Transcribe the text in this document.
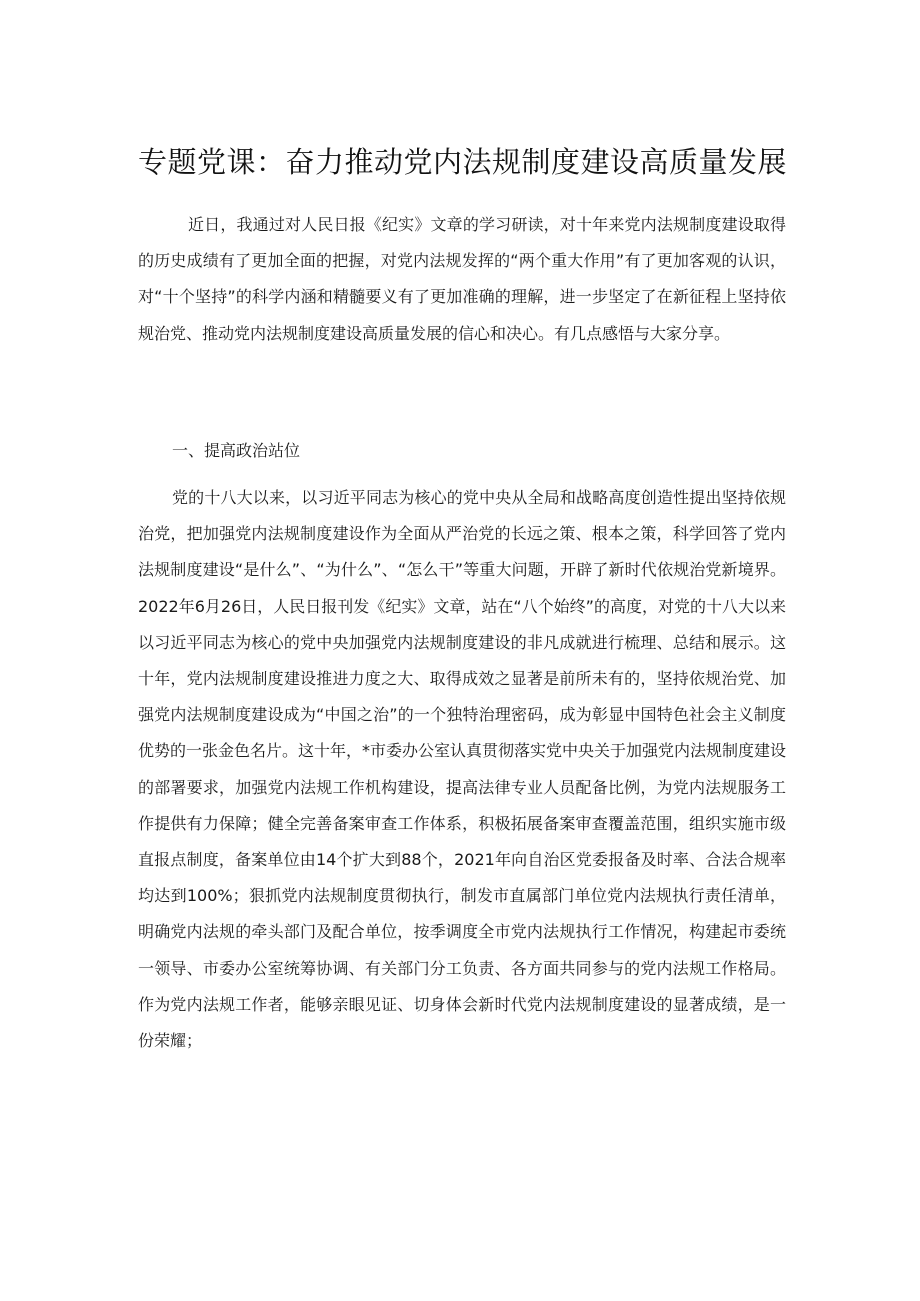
专题党课：奋力推动党内法规制度建设高质量发展
近日，我通过对人民日报《纪实》文章的学习研读，对十年来党内法规制度建设取得的历史成绩有了更加全面的把握，对党内法规发挥的“两个重大作用”有了更加客观的认识，对“十个坚持”的科学内涵和精髓要义有了更加准确的理解，进一步坚定了在新征程上坚持依规治党、推动党内法规制度建设高质量发展的信心和决心。有几点感悟与大家分享。
一、提高政治站位
党的十八大以来，以习近平同志为核心的党中央从全局和战略高度创造性提出坚持依规治党，把加强党内法规制度建设作为全面从严治党的长远之策、根本之策，科学回答了党内法规制度建设“是什么”、“为什么”、“怎么干”等重大问题，开辟了新时代依规治党新境界。2022年6月26日，人民日报刊发《纪实》文章，站在“八个始终”的高度，对党的十八大以来以习近平同志为核心的党中央加强党内法规制度建设的非凡成就进行梳理、总结和展示。这十年，党内法规制度建设推进力度之大、取得成效之显著是前所未有的，坚持依规治党、加强党内法规制度建设成为“中国之治”的一个独特治理密码，成为彰显中国特色社会主义制度优势的一张金色名片。这十年，*市委办公室认真贯彻落实党中央关于加强党内法规制度建设的部署要求，加强党内法规工作机构建设，提高法律专业人员配备比例，为党内法规服务工作提供有力保障；健全完善备案审查工作体系，积极拓展备案审查覆盖范围，组织实施市级直报点制度，备案单位由14个扩大到88个，2021年向自治区党委报备及时率、合法合规率均达到100%；狠抓党内法规制度贯彻执行，制发市直属部门单位党内法规执行责任清单，明确党内法规的牵头部门及配合单位，按季调度全市党内法规执行工作情况，构建起市委统一领导、市委办公室统筹协调、有关部门分工负责、各方面共同参与的党内法规工作格局。作为党内法规工作者，能够亲眼见证、切身体会新时代党内法规制度建设的显著成绩，是一份荣耀；
